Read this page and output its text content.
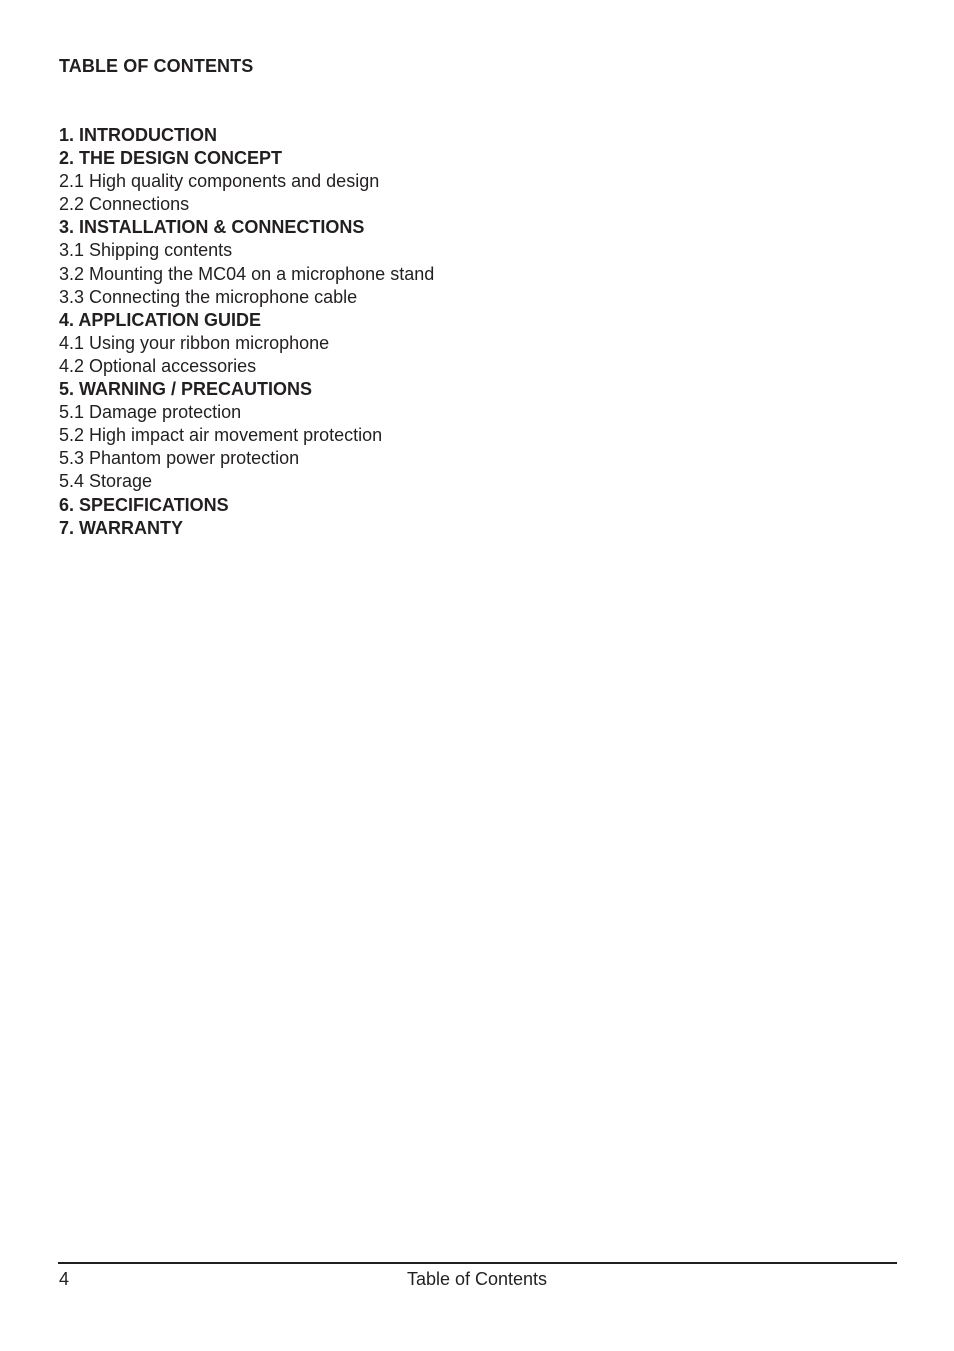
TABLE OF CONTENTS
1. INTRODUCTION
2. THE DESIGN CONCEPT
2.1 High quality components and design
2.2 Connections
3. INSTALLATION & CONNECTIONS
3.1 Shipping contents
3.2 Mounting the MC04 on a microphone stand
3.3 Connecting the microphone cable
4. APPLICATION GUIDE
4.1 Using your ribbon microphone
4.2 Optional accessories
5. WARNING / PRECAUTIONS
5.1 Damage protection
5.2 High impact air movement protection
5.3 Phantom power protection
5.4 Storage
6. SPECIFICATIONS
7. WARRANTY
4	Table of Contents
